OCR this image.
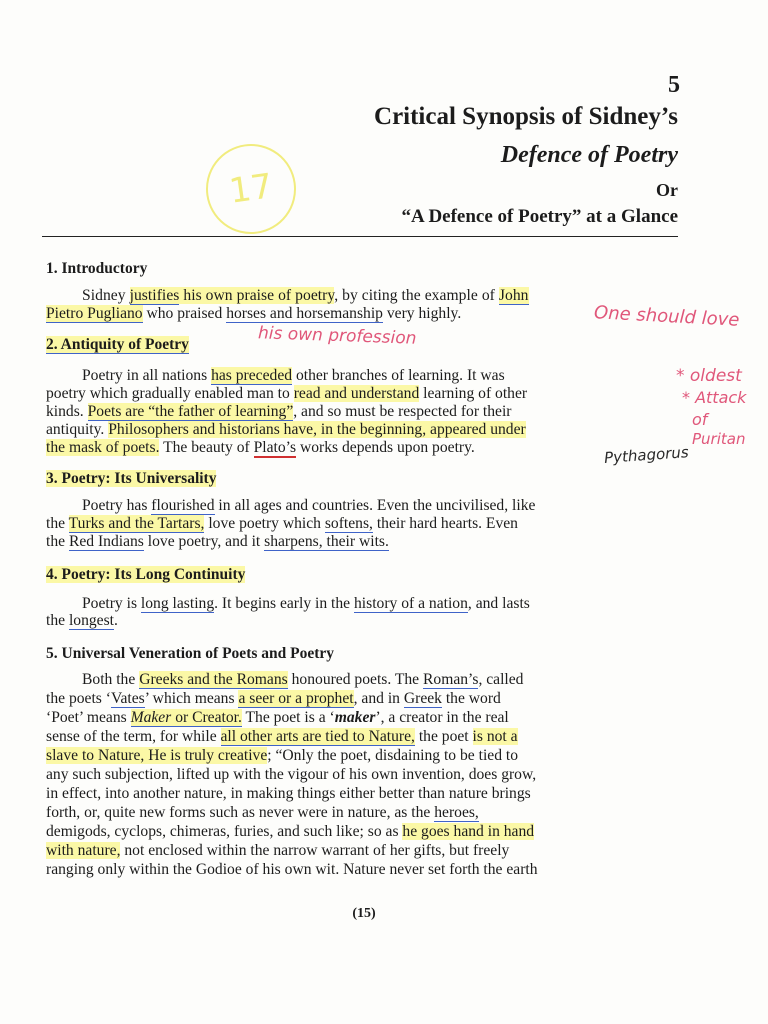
5
Critical Synopsis of Sidney’s
Defence of Poetry
Or
“A Defence of Poetry” at a Glance
17
1. Introductory
Sidney justifies his own praise of poetry, by citing the example of John
Pietro Pugliano who praised horses and horsemanship very highly.
2. Antiquity of Poetry
Poetry in all nations has preceded other branches of learning. It was
poetry which gradually enabled man to read and understand learning of other
kinds. Poets are “the father of learning”, and so must be respected for their
antiquity. Philosophers and historians have, in the beginning, appeared under
the mask of poets. The beauty of Plato’s works depends upon poetry.
3. Poetry: Its Universality
Poetry has flourished in all ages and countries. Even the uncivilised, like
the Turks and the Tartars, love poetry which softens, their hard hearts. Even
the Red Indians love poetry, and it sharpens, their wits.
4. Poetry: Its Long Continuity
Poetry is long lasting. It begins early in the history of a nation, and lasts
the longest.
5. Universal Veneration of Poets and Poetry
Both the Greeks and the Romans honoured poets. The Roman’s, called
the poets ‘Vates’ which means a seer or a prophet, and in Greek the word
‘Poet’ means Maker or Creator. The poet is a ‘maker’, a creator in the real
sense of the term, for while all other arts are tied to Nature, the poet is not a
slave to Nature, He is truly creative; “Only the poet, disdaining to be tied to
any such subjection, lifted up with the vigour of his own invention, does grow,
in effect, into another nature, in making things either better than nature brings
forth, or, quite new forms such as never were in nature, as the heroes,
demigods, cyclops, chimeras, furies, and such like; so as he goes hand in hand
with nature, not enclosed within the narrow warrant of her gifts, but freely
ranging only within the Godioe of his own wit. Nature never set forth the earth
One should love
his own profession
* oldest
* Attack
of
Puritan
Pythagorus
(15)
